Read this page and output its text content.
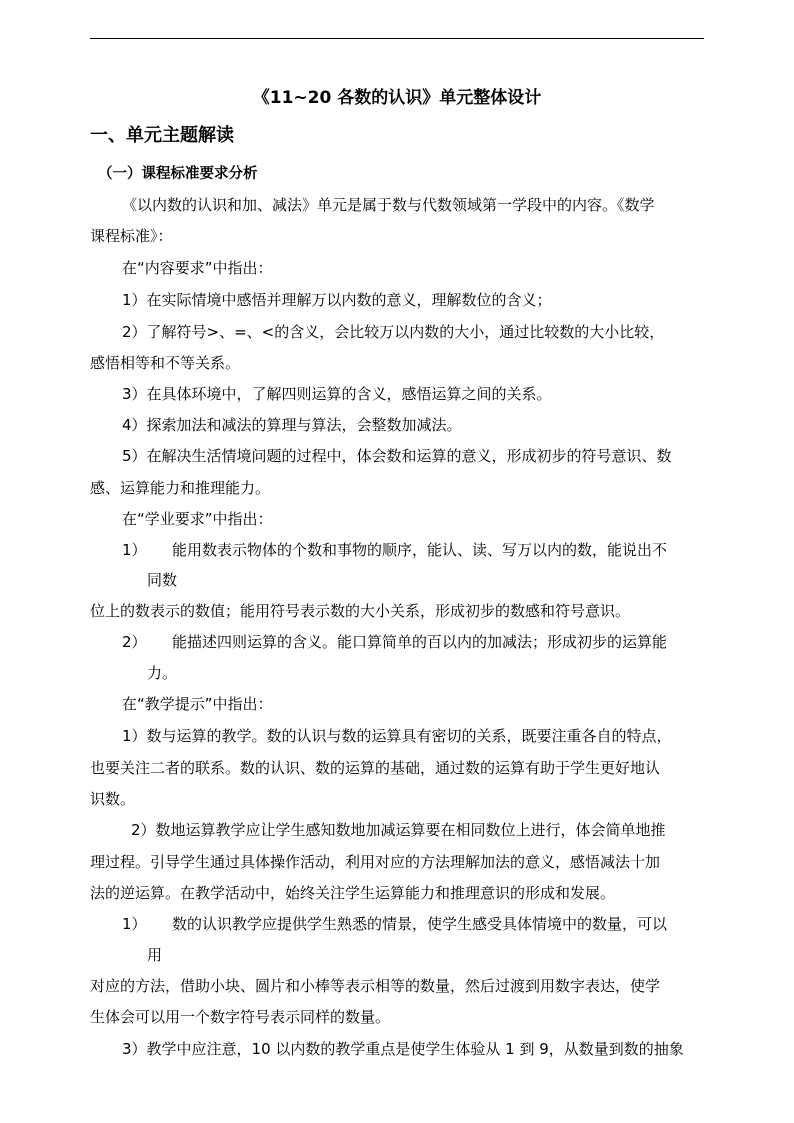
《11~20 各数的认识》单元整体设计
一、单元主题解读
（一）课程标准要求分析
《以内数的认识和加、减法》单元是属于数与代数领域第一学段中的内容。《数学
课程标准》：
在“内容要求”中指出：
1）在实际情境中感悟并理解万以内数的意义，理解数位的含义；
2）了解符号>、=、<的含义，会比较万以内数的大小，通过比较数的大小比较，
感悟相等和不等关系。
3）在具体环境中，了解四则运算的含义，感悟运算之间的关系。
4）探索加法和减法的算理与算法，会整数加减法。
5）在解决生活情境问题的过程中，体会数和运算的意义，形成初步的符号意识、数
感、运算能力和推理能力。
在“学业要求”中指出：
1） 能用数表示物体的个数和事物的顺序，能认、读、写万以内的数，能说出不
同数
位上的数表示的数值；能用符号表示数的大小关系，形成初步的数感和符号意识。
2） 能描述四则运算的含义。能口算简单的百以内的加减法；形成初步的运算能
力。
在“教学提示”中指出：
1）数与运算的教学。数的认识与数的运算具有密切的关系，既要注重各自的特点，
也要关注二者的联系。数的认识、数的运算的基础，通过数的运算有助于学生更好地认
识数。
2）数地运算教学应让学生感知数地加减运算要在相同数位上进行，体会简单地推
理过程。引导学生通过具体操作活动，利用对应的方法理解加法的意义，感悟减法十加
法的逆运算。在教学活动中，始终关注学生运算能力和推理意识的形成和发展。
1） 数的认识教学应提供学生熟悉的情景，使学生感受具体情境中的数量，可以
用
对应的方法，借助小块、圆片和小棒等表示相等的数量，然后过渡到用数字表达，使学
生体会可以用一个数字符号表示同样的数量。
3）教学中应注意，10 以内数的教学重点是使学生体验从 1 到 9，从数量到数的抽象
